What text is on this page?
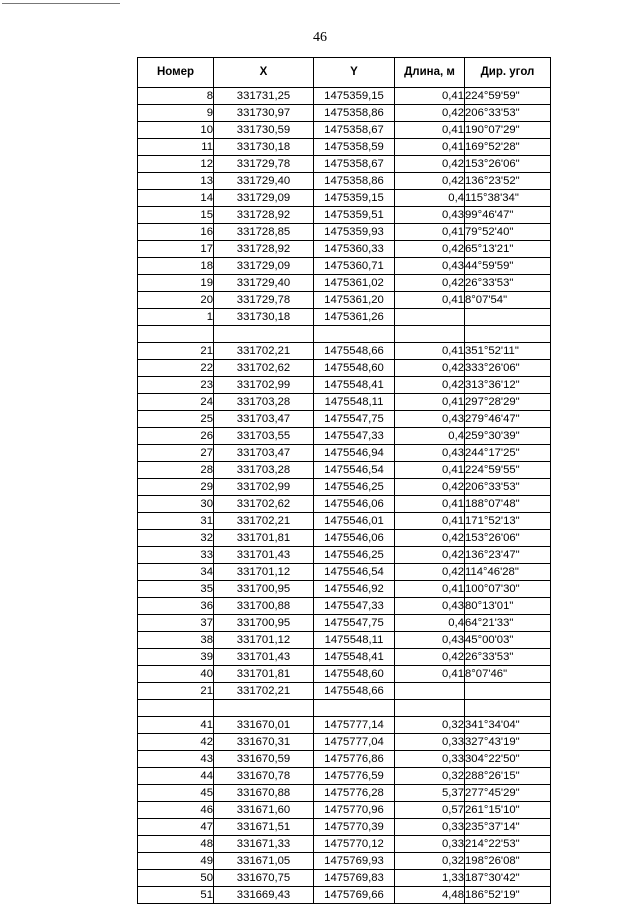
46
Номер	X	Y	Длина, м	Дир. угол
8	331731,25	1475359,15	0,41	224°59'59"
9	331730,97	1475358,86	0,42	206°33'53"
10	331730,59	1475358,67	0,41	190°07'29"
11	331730,18	1475358,59	0,41	169°52'28"
12	331729,78	1475358,67	0,42	153°26'06"
13	331729,40	1475358,86	0,42	136°23'52"
14	331729,09	1475359,15	0,4	115°38'34"
15	331728,92	1475359,51	0,43	99°46'47"
16	331728,85	1475359,93	0,41	79°52'40"
17	331728,92	1475360,33	0,42	65°13'21"
18	331729,09	1475360,71	0,43	44°59'59"
19	331729,40	1475361,02	0,42	26°33'53"
20	331729,78	1475361,20	0,41	8°07'54"
1	331730,18	1475361,26		

21	331702,21	1475548,66	0,41	351°52'11"
22	331702,62	1475548,60	0,42	333°26'06"
23	331702,99	1475548,41	0,42	313°36'12"
24	331703,28	1475548,11	0,41	297°28'29"
25	331703,47	1475547,75	0,43	279°46'47"
26	331703,55	1475547,33	0,4	259°30'39"
27	331703,47	1475546,94	0,43	244°17'25"
28	331703,28	1475546,54	0,41	224°59'55"
29	331702,99	1475546,25	0,42	206°33'53"
30	331702,62	1475546,06	0,41	188°07'48"
31	331702,21	1475546,01	0,41	171°52'13"
32	331701,81	1475546,06	0,42	153°26'06"
33	331701,43	1475546,25	0,42	136°23'47"
34	331701,12	1475546,54	0,42	114°46'28"
35	331700,95	1475546,92	0,41	100°07'30"
36	331700,88	1475547,33	0,43	80°13'01"
37	331700,95	1475547,75	0,4	64°21'33"
38	331701,12	1475548,11	0,43	45°00'03"
39	331701,43	1475548,41	0,42	26°33'53"
40	331701,81	1475548,60	0,41	8°07'46"
21	331702,21	1475548,66		

41	331670,01	1475777,14	0,32	341°34'04"
42	331670,31	1475777,04	0,33	327°43'19"
43	331670,59	1475776,86	0,33	304°22'50"
44	331670,78	1475776,59	0,32	288°26'15"
45	331670,88	1475776,28	5,37	277°45'29"
46	331671,60	1475770,96	0,57	261°15'10"
47	331671,51	1475770,39	0,33	235°37'14"
48	331671,33	1475770,12	0,33	214°22'53"
49	331671,05	1475769,93	0,32	198°26'08"
50	331670,75	1475769,83	1,33	187°30'42"
51	331669,43	1475769,66	4,48	186°52'19"
